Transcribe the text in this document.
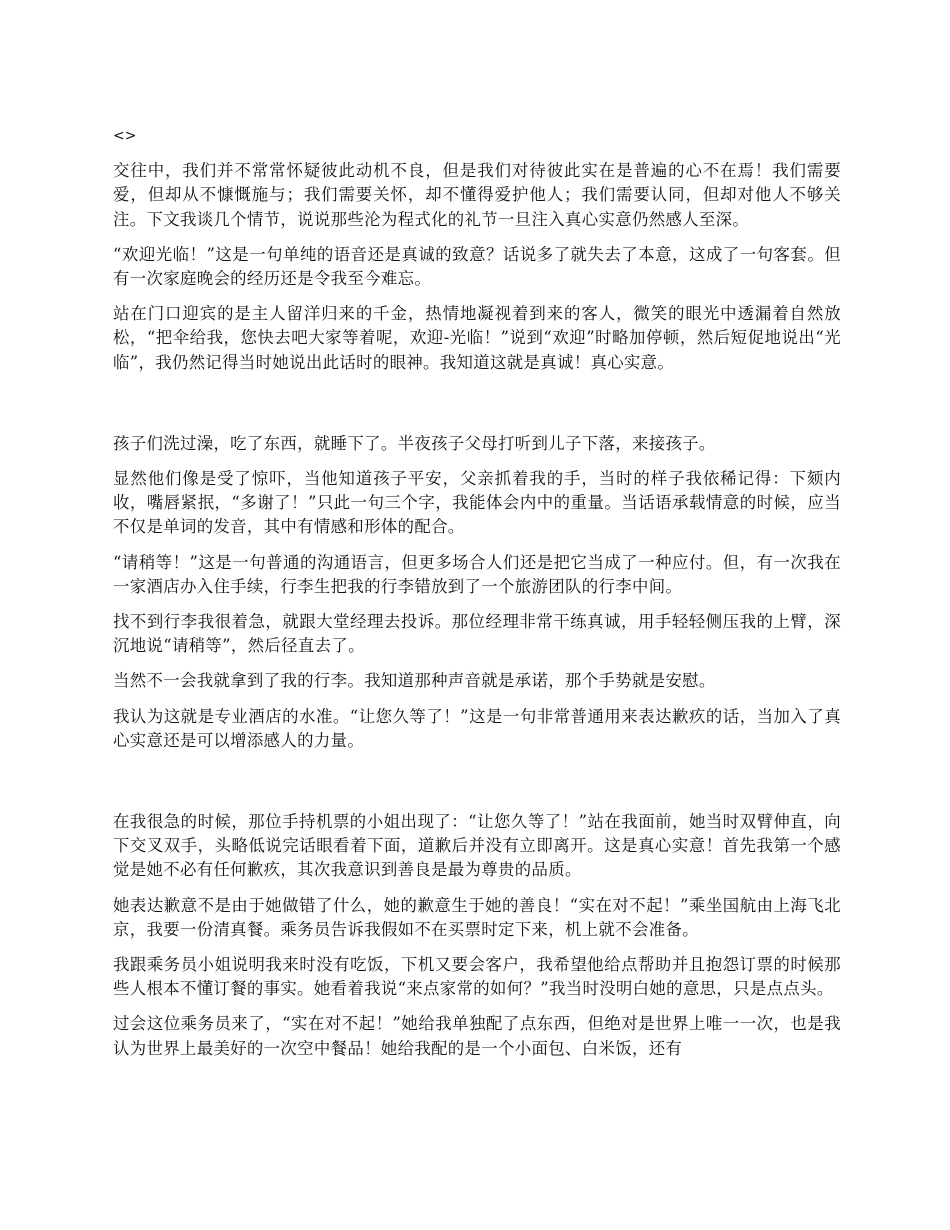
<>

交往中，我们并不常常怀疑彼此动机不良，但是我们对待彼此实在是普遍的心不在焉！我们需要爱，但却从不慷慨施与；我们需要关怀，却不懂得爱护他人；我们需要认同，但却对他人不够关注。下文我谈几个情节，说说那些沦为程式化的礼节一旦注入真心实意仍然感人至深。

“欢迎光临！”这是一句单纯的语音还是真诚的致意？话说多了就失去了本意，这成了一句客套。但有一次家庭晚会的经历还是令我至今难忘。

站在门口迎宾的是主人留洋归来的千金，热情地凝视着到来的客人，微笑的眼光中透漏着自然放松，“把伞给我，您快去吧大家等着呢，欢迎-光临！”说到“欢迎”时略加停顿，然后短促地说出“光临”，我仍然记得当时她说出此话时的眼神。我知道这就是真诚！真心实意。

孩子们洗过澡，吃了东西，就睡下了。半夜孩子父母打听到儿子下落，来接孩子。

显然他们像是受了惊吓，当他知道孩子平安，父亲抓着我的手，当时的样子我依稀记得：下颏内收，嘴唇紧抿，“多谢了！”只此一句三个字，我能体会内中的重量。当话语承载情意的时候，应当不仅是单词的发音，其中有情感和形体的配合。

“请稍等！”这是一句普通的沟通语言，但更多场合人们还是把它当成了一种应付。但，有一次我在一家酒店办入住手续，行李生把我的行李错放到了一个旅游团队的行李中间。

找不到行李我很着急，就跟大堂经理去投诉。那位经理非常干练真诚，用手轻轻侧压我的上臂，深沉地说“请稍等”，然后径直去了。

当然不一会我就拿到了我的行李。我知道那种声音就是承诺，那个手势就是安慰。

我认为这就是专业酒店的水准。“让您久等了！”这是一句非常普通用来表达歉疚的话，当加入了真心实意还是可以增添感人的力量。

在我很急的时候，那位手持机票的小姐出现了：“让您久等了！”站在我面前，她当时双臂伸直，向下交叉双手，头略低说完话眼看着下面，道歉后并没有立即离开。这是真心实意！首先我第一个感觉是她不必有任何歉疚，其次我意识到善良是最为尊贵的品质。

她表达歉意不是由于她做错了什么，她的歉意生于她的善良！“实在对不起！”乘坐国航由上海飞北京，我要一份清真餐。乘务员告诉我假如不在买票时定下来，机上就不会准备。

我跟乘务员小姐说明我来时没有吃饭，下机又要会客户，我希望他给点帮助并且抱怨订票的时候那些人根本不懂订餐的事实。她看着我说“来点家常的如何？”我当时没明白她的意思，只是点点头。

过会这位乘务员来了，“实在对不起！”她给我单独配了点东西，但绝对是世界上唯一一次，也是我认为世界上最美好的一次空中餐品！她给我配的是一个小面包、白米饭，还有
